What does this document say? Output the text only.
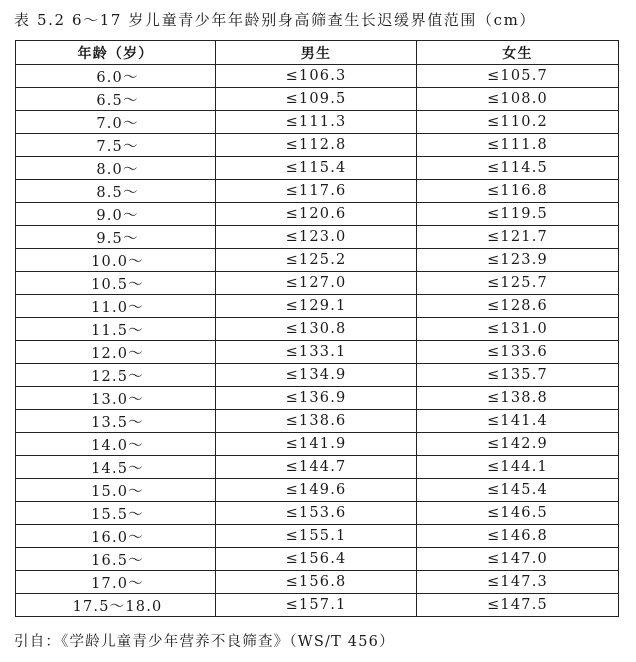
表 5.2 6～17 岁儿童青少年年龄别身高筛查生长迟缓界值范围（cm）
年龄（岁）	男生	女生
6.0～	≤106.3	≤105.7
6.5～	≤109.5	≤108.0
7.0～	≤111.3	≤110.2
7.5～	≤112.8	≤111.8
8.0～	≤115.4	≤114.5
8.5～	≤117.6	≤116.8
9.0～	≤120.6	≤119.5
9.5～	≤123.0	≤121.7
10.0～	≤125.2	≤123.9
10.5～	≤127.0	≤125.7
11.0～	≤129.1	≤128.6
11.5～	≤130.8	≤131.0
12.0～	≤133.1	≤133.6
12.5～	≤134.9	≤135.7
13.0～	≤136.9	≤138.8
13.5～	≤138.6	≤141.4
14.0～	≤141.9	≤142.9
14.5～	≤144.7	≤144.1
15.0～	≤149.6	≤145.4
15.5～	≤153.6	≤146.5
16.0～	≤155.1	≤146.8
16.5～	≤156.4	≤147.0
17.0～	≤156.8	≤147.3
17.5～18.0	≤157.1	≤147.5
引自：《学龄儿童青少年营养不良筛查》（WS/T 456）
